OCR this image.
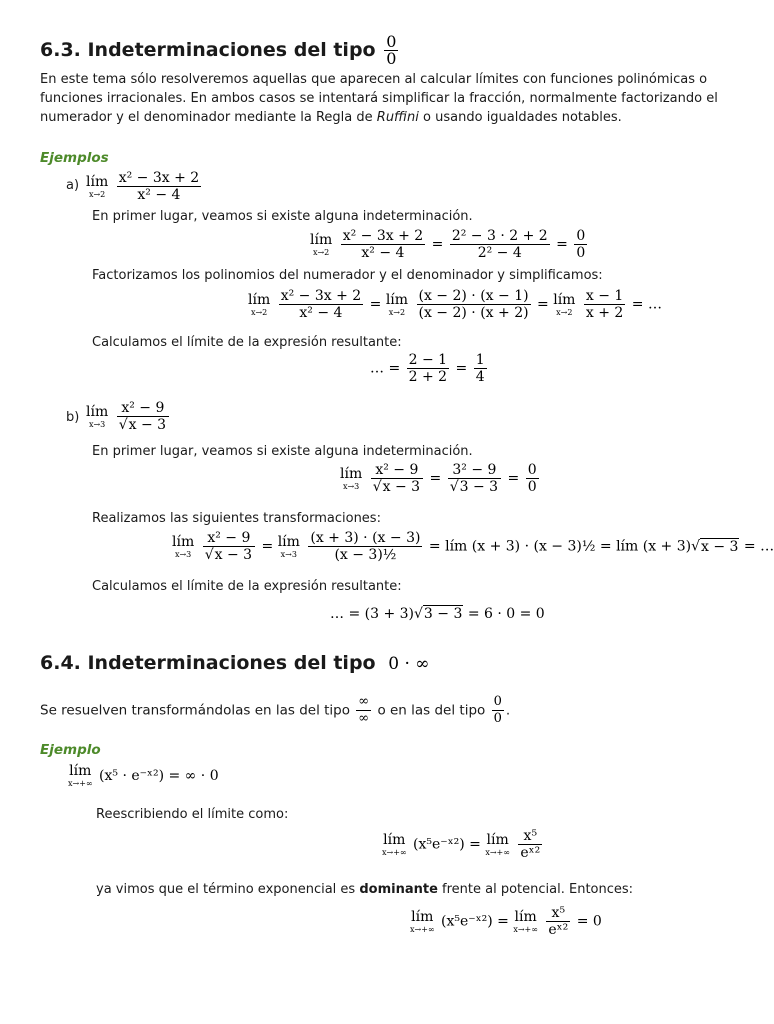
6.3. Indeterminaciones del tipo $\frac{0}{0}$
En este tema sólo resolveremos aquellas que aparecen al calcular límites con funciones polinómicas o
funciones irracionales. En ambos casos se intentará simplificar la fracción, normalmente factorizando el
numerador y el denominador mediante la Regla de Ruffini o usando igualdades notables.
Ejemplos
a) lím
x→2
$\frac{\text{x² − 3x + 2}}{\text{x² − 4}}$
En primer lugar, veamos si existe alguna indeterminación.
lím
x→2
$\frac{\text{x² − 3x + 2}}{\text{x² − 4}} = \frac{\text{2² − 3 · 2 + 2}}{\text{2² − 4}} = \frac{0}{0}$
Factorizamos los polinomios del numerador y el denominador y simplificamos:
lím
x→2
$\frac{\text{x² − 3x + 2}}{\text{x² − 4}}$ = lím
x→2
$\frac{(x - 2) \cdot (x - 1)}{(x - 2) \cdot (x + 2)}$ = lím
x→2
$\frac{x - 1}{x + 2}$ = …
Calculamos el límite de la expresión resultante:
… = $\frac{2 - 1}{2 + 2} = \frac{1}{4}$
b) lím
x→3
$\frac{\text{x² − 9}}{√x - 3}$
En primer lugar, veamos si existe alguna indeterminación.
lím
x→3
$\frac{\text{x² − 9}}{√x - 3} = \frac{\text{3² − 9}}{√3 - 3} = \frac{0}{0}$
Realizamos las siguientes transformaciones:
lím
x→3
$\frac{\text{x² − 9}}{√x - 3}$ = lím
x→3
$\frac{(x + 3) \cdot (x - 3)}{\text{(x − 3)½}}$ = lím (x + 3) · (x − 3)½ = lím (x + 3)√x − 3 = …
Calculamos el límite de la expresión resultante:
… = (3 + 3)√3 − 3 = 6 · 0 = 0
6.4. Indeterminaciones del tipo 0 · ∞
Se resuelven transformándolas en las del tipo $\frac{\infty}{\infty}$ o en las del tipo $\frac{0}{0}$ .
Ejemplo
lím
x→+∞ (x⁵ · e⁻ˣ²) = ∞ · 0
Reescribiendo el límite como:
lím
x→+∞ (x⁵e⁻ˣ²) = lím
x→+∞
$\frac{\text{x⁵}}{\text{eˣ²}}$
ya vimos que el término exponencial es dominante frente al potencial. Entonces:
lím
x→+∞ (x⁵e⁻ˣ²) = lím
x→+∞
$\frac{\text{x⁵}}{\text{eˣ²}} = 0$
